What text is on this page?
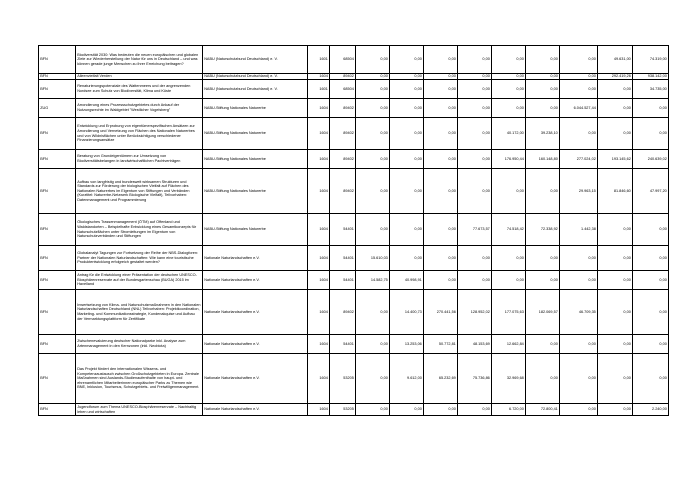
BFN	Biodiversität 2030: Was bedeuten die neuen europäischen und globalen Ziele zur Wiederherstellung der Natur für uns in Deutschland – und was können gerade junge Menschen zu ihrer Erreichung beitragen?	NABU (Naturschutzbund Deutschland) e. V.	1601	68504	0,00	0,00	0,00	0,00	0,00	0,00	0,00	49.631,00	74.319,00
BFN	Alleenvielfalt Verden	NABU (Naturschutzbund Deutschland) e. V.	1604	89402	0,00	0,00	0,00	0,00	0,00	0,00	0,00	292.419,26	938.142,00
BFN	Renaturierungspotenziale des Wattenmeers und der angrenzenden Nordsee zum Schutz von Biodiversität, Klima und Küste	NABU (Naturschutzbund Deutschland) e. V.	1601	68504	0,00	0,00	0,00	0,00	0,00	0,00	0,00	0,00	34.735,00
ZUG	Arrondierung eines Prozessschutzgebietes durch Ankauf der Nutzungsrechte im Waldgebiet "Westlicher Vogelsberg"	NABU-Stiftung Nationales Naturerbe	1604	89402	0,00	0,00	0,00	0,00	0,00	0,00	6.044.527,44	0,00	0,00
BFN	Entwicklung und Erprobung von eigentümerspezifischen Ansätzen zur Arrondierung und Vernetzung von Flächen des Nationalen Naturerbes und von Wildnisflächen unter Berücksichtigung verschiedener Finanzierungsansätze	NABU-Stiftung Nationales Naturerbe	1604	89402	0,00	0,00	0,00	0,00	40.172,00	39.238,10	0,00	0,00	0,00
BFN	Beratung von Grundeigentümern zur Umsetzung von Biodiversitätsbelangen in landwirtschaftlichen Pachtverträgen	NABU-Stiftung Nationales Naturerbe	1604	89402	0,00	0,00	0,00	0,00	176.950,44	160.148,80	277.024,02	193.145,62	240.639,02
BFN	Aufbau von langfristig und bundesweit wirksamen Strukturen und Standards zur Förderung der biologischen Vielfalt auf Flächen des Nationalen Naturerbes im Eigentum von Stiftungen und Verbänden (Kurztitel: Naturerbe-Netzwerk Biologische Vielfalt), Teilvorhaben: Datenmanagement und Programmierung	NABU-Stiftung Nationales Naturerbe	1604	89402	0,00	0,00	0,00	0,00	0,00	0,00	29.963,15	81.846,60	47.997,20
BFN	Ökologisches Trassenmanagement (ÖTM) auf Offenland und Waldstandorten – Beispielhafte Entwicklung eines Gesamtkonzepts für Naturschutzflächen unter Stromleitungen im Eigentum von Naturschutzverbänden und Stiftungen	NABU-Stiftung Nationales Naturerbe	1604	54401	0,00	0,00	0,00	77.673,57	74.518,42	72.338,92	1.442,38	0,00	0,00
BFN	Globalanalyt Tagungen zur Fortsetzung der Reihe der NBS-Dialogforen: Partner der Nationalen Naturlandschaften: Wie kann eine touristische Produktentwicklung erfolgreich gestaltet werden?	Nationale Naturlandschaften e.V.	1604	54401	15.610,03	0,00	0,00	0,00	0,00	0,00	0,00	0,00	0,00
BFN	Antrag für die Entwicklung einer Präsentation der deutschen UNESCO-Biosphärenreservate auf der Bundesgartenschau (BUGA) 2015 im Havelland	Nationale Naturlandschaften e.V.	1604	54401	14.582,75	40.998,91	0,00	0,00	0,00	0,00	0,00	0,00	0,00
BFN	Inwertsetzung von Klima- und Naturschutzmaßnahmen in den Nationalen Naturlandschaften Deutschland (NNL) Teilvorhaben: Projektkoordination, Marketing- und Kommunikationsstrategie, Kundenakquise und Aufbau der Vermarktungsplattform für Zertifikate	Nationale Naturlandschaften e.V.	1604	89402	0,00	14.400,73	270.441,56	128.952,02	177.075,63	182.069,57	46.709,35	0,00	0,00
BFN	Zwischenevaluierung deutscher Nationalparke inkl. Analyse zum Artenmanagement in den Kernzonen (inkl. Neobiota)	Nationale Naturlandschaften e.V.	1604	54401	0,00	13.253,06	50.772,81	48.153,69	12.662,84	0,00	0,00	0,00	0,00
BFN	Das Projekt fördert den internationalen Wissens- und Kompetenzaustausch zwischen Großschutzgebieten in Europa. Zentrale Maßnahmen sind Auslands-Studienaufenthalte von haupt- und ehrenamtlichen Mitarbeiterinnen europäischer Parks zu Themen wie BNE, Inklusion, Tourismus, Schutzgebiets- und Freiwilligenmanagement.	Nationale Naturlandschaften e.V.	1604	53205	0,00	9.612,00	65.232,69	75.736,86	32.969,68	0,00	0,00	0,00	0,00
BFN	Jugendforum zum Thema UNESCO-Biosphärenreservate – Nachhaltig leben und wirtschaften	Nationale Naturlandschaften e.V.	1604	53205	0,00	0,00	0,00	0,00	6.720,00	72.800,41	0,00	0,00	2.240,00
